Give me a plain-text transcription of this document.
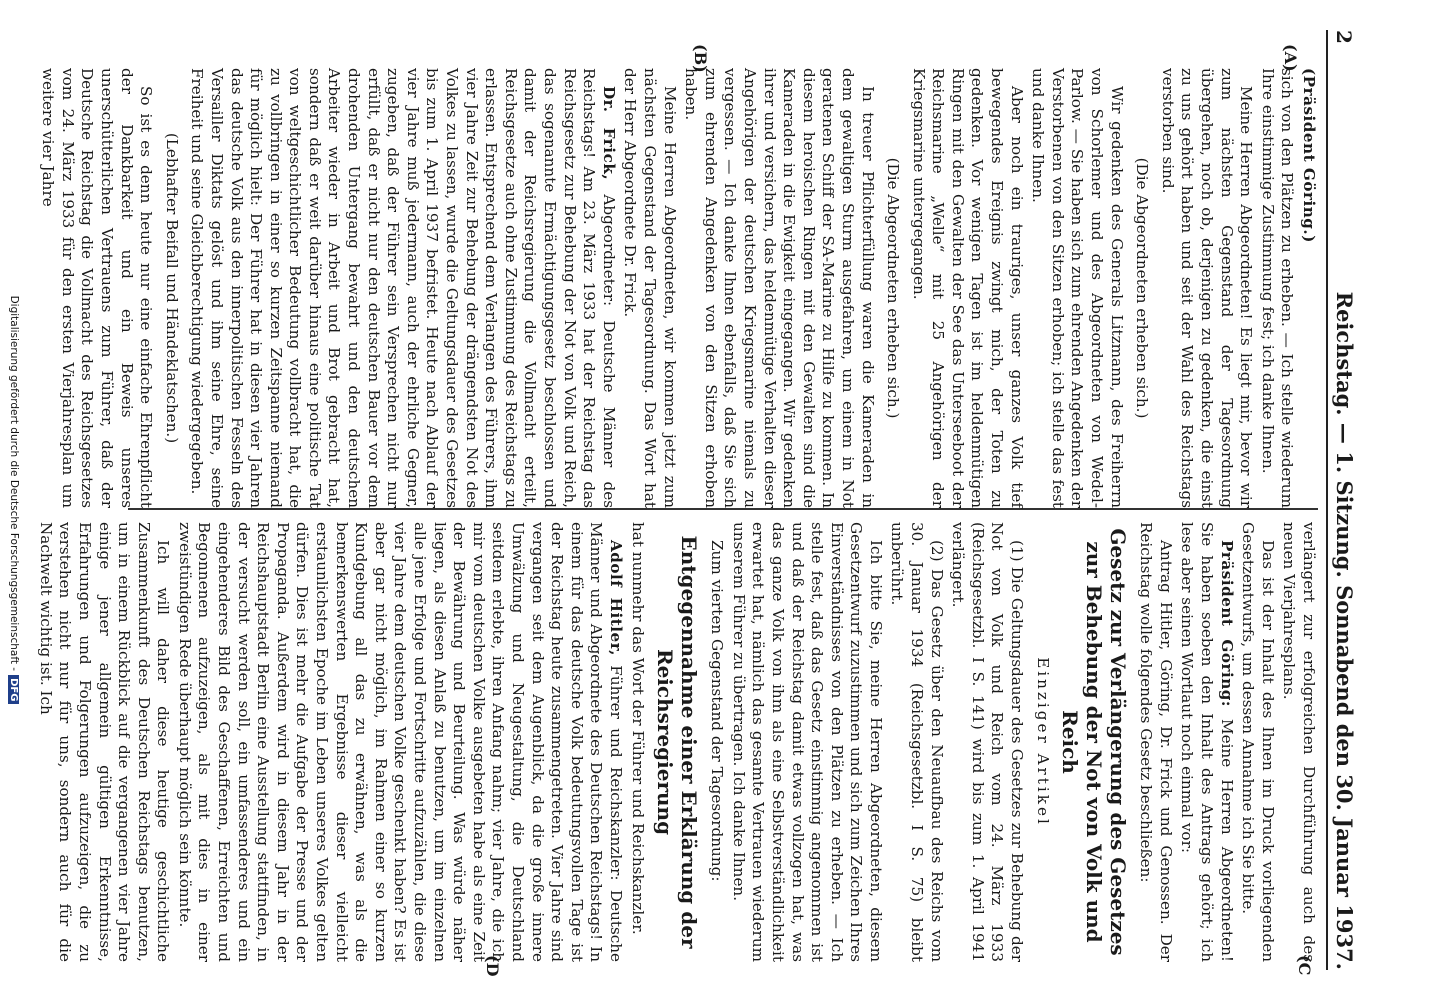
2
Reichstag. — 1. Sitzung. Sonnabend den 30. Januar 1937.
(A)
(B)
(C
(D

(Präsident Göring.)

sich von den Plätzen zu erheben. — Ich stelle wiederum Ihre einstimmige Zustimmung fest; ich danke Ihnen.

Meine Herren Abgeordneten! Es liegt mir, bevor wir zum nächsten Gegenstand der Tagesordnung übergehen, noch ob, derjenigen zu gedenken, die einst zu uns gehört haben und seit der Wahl des Reichstags verstorben sind.

(Die Abgeordneten erheben sich.)

Wir gedenken des Generals Litzmann, des Freiherrn von Schorlemer und des Abgeordneten von Wedel-Parlow. — Sie haben sich zum ehrenden Angedenken der Verstorbenen von den Sitzen erhoben; ich stelle das fest und danke Ihnen.

Aber noch ein trauriges, unser ganzes Volk tief bewegendes Ereignis zwingt mich, der Toten zu gedenken. Vor wenigen Tagen ist im heldenmütigen Ringen mit den Gewalten der See das Unterseeboot der Reichsmarine „Welle“ mit 25 Angehörigen der Kriegsmarine untergegangen.

(Die Abgeordneten erheben sich.)

In treuer Pflichterfüllung waren die Kameraden in dem gewaltigen Sturm ausgefahren, um einem in Not geratenen Schiff der SA-Marine zu Hilfe zu kommen. In diesem heroischen Ringen mit den Gewalten sind die Kameraden in die Ewigkeit eingegangen. Wir gedenken ihrer und versichern, das heldenmütige Verhalten dieser Angehörigen der deutschen Kriegsmarine niemals zu vergessen. — Ich danke Ihnen ebenfalls, daß Sie sich zum ehrenden Angedenken von den Sitzen erhoben haben.

Meine Herren Abgeordneten, wir kommen jetzt zum nächsten Gegenstand der Tagesordnung. Das Wort hat der Herr Abgeordnete Dr. Frick.

Dr. Frick, Abgeordneter: Deutsche Männer des Reichstags! Am 23. März 1933 hat der Reichstag das Reichsgesetz zur Behebung der Not von Volk und Reich, das sogenannte Ermächtigungsgesetz beschlossen und damit der Reichsregierung die Vollmacht erteilt, Reichsgesetze auch ohne Zustimmung des Reichstags zu erlassen. Entsprechend dem Verlangen des Führers, ihm vier Jahre Zeit zur Behebung der drängendsten Not des Volkes zu lassen, wurde die Geltungsdauer des Gesetzes bis zum 1. April 1937 befristet. Heute nach Ablauf der vier Jahre muß jedermann, auch der ehrliche Gegner, zugeben, daß der Führer sein Versprechen nicht nur erfüllt, daß er nicht nur den deutschen Bauer vor dem drohenden Untergang bewahrt und den deutschen Arbeiter wieder in Arbeit und Brot gebracht hat, sondern daß er weit darüber hinaus eine politische Tat von weltgeschichtlicher Bedeutung vollbracht hat, die zu vollbringen in einer so kurzen Zeitspanne niemand für möglich hielt: Der Führer hat in diesen vier Jahren das deutsche Volk aus den innerpolitischen Fesseln des Versailler Diktats gelöst und ihm seine Ehre, seine Freiheit und seine Gleichberechtigung wiedergegeben.

(Lebhafter Beifall und Händeklatschen.)

So ist es denn heute nur eine einfache Ehrenpflicht der Dankbarkeit und ein Beweis unseres unerschütterlichen Vertrauens zum Führer, daß der Deutsche Reichstag die Vollmacht des Reichsgesetzes vom 24. März 1933 für den ersten Vierjahresplan um weitere vier Jahre

verlängert zur erfolgreichen Durchführung auch des neuen Vierjahresplans.

Das ist der Inhalt des Ihnen im Druck vorliegenden Gesetzentwurfs, um dessen Annahme ich Sie bitte.

Präsident Göring: Meine Herren Abgeordneten! Sie haben soeben den Inhalt des Antrags gehört; ich lese aber seinen Wortlaut noch einmal vor:

Antrag Hitler, Göring, Dr. Frick und Genossen. Der Reichstag wolle folgendes Gesetz beschließen:

Gesetz zur Verlängerung des Gesetzes zur Behebung der Not von Volk und Reich

Einziger Artikel

(1) Die Geltungsdauer des Gesetzes zur Behebung der Not von Volk und Reich vom 24. März 1933 (Reichsgesetzbl. I S. 141) wird bis zum 1. April 1941 verlängert.

(2) Das Gesetz über den Neuaufbau des Reichs vom 30. Januar 1934 (Reichsgesetzbl. I S. 75) bleibt unberührt.

Ich bitte Sie, meine Herren Abgeordneten, diesem Gesetzentwurf zuzustimmen und sich zum Zeichen Ihres Einverständnisses von den Plätzen zu erheben. — Ich stelle fest, daß das Gesetz einstimmig angenommen ist und daß der Reichstag damit etwas vollzogen hat, was das ganze Volk von ihm als eine Selbstverständlichkeit erwartet hat, nämlich das gesamte Vertrauen wiederum unserem Führer zu übertragen. Ich danke Ihnen.

Zum vierten Gegenstand der Tagesordnung:

Entgegennahme einer Erklärung der Reichsregierung

hat nunmehr das Wort der Führer und Reichskanzler.

Adolf Hitler, Führer und Reichskanzler: Deutsche Männer und Abgeordnete des Deutschen Reichstags! In einem für das deutsche Volk bedeutungsvollen Tage ist der Reichstag heute zusammengetreten. Vier Jahre sind vergangen seit dem Augenblick, da die große innere Umwälzung und Neugestaltung, die Deutschland seitdem erlebte, ihren Anfang nahm; vier Jahre, die ich mir vom deutschen Volke ausgebeten habe als eine Zeit der Bewährung und Beurteilung. Was würde näher liegen, als diesen Anlaß zu benutzen, um im einzelnen alle jene Erfolge und Fortschritte aufzuzählen, die diese vier Jahre dem deutschen Volke geschenkt haben? Es ist aber gar nicht möglich, im Rahmen einer so kurzen Kundgebung all das zu erwähnen, was als die bemerkenswerten Ergebnisse dieser vielleicht erstaunlichsten Epoche im Leben unseres Volkes gelten dürfen. Dies ist mehr die Aufgabe der Presse und der Propaganda. Außerdem wird in diesem Jahr in der Reichshauptstadt Berlin eine Ausstellung stattfinden, in der versucht werden soll, ein umfassenderes und ein eingehenderes Bild des Geschaffenen, Erreichten und Begonnenen aufzuzeigen, als mit dies in einer zweistündigen Rede überhaupt möglich sein könnte.

Ich will daher diese heutige geschichtliche Zusammenkunft des Deutschen Reichstags benutzen, um in einem Rückblick auf die vergangenen vier Jahre einige jener allgemein gültigen Erkenntnisse, Erfahrungen und Folgerungen aufzuzeigen, die zu verstehen nicht nur für uns, sondern auch für die Nachwelt wichtig ist. Ich

Digitalisierung gefördert durch die Deutsche Forschungsgemeinschaft -DFG
